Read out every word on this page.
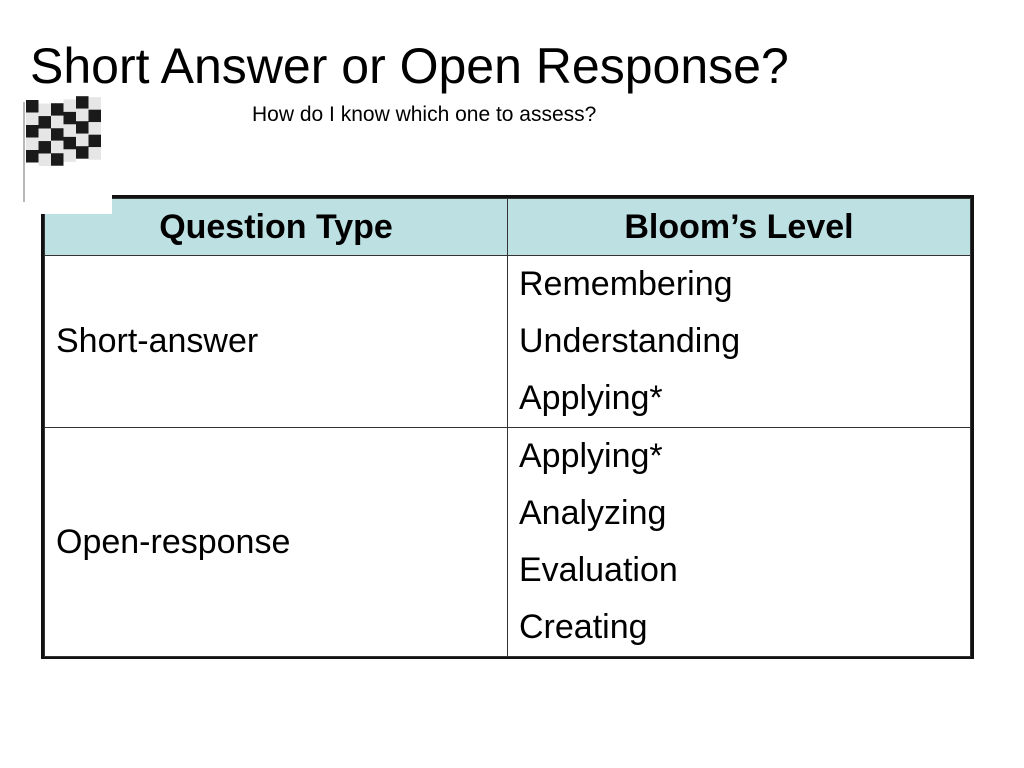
Short Answer or Open Response?
How do I know which one to assess?
Question Type	Bloom’s Level
Short-answer	Remembering
Understanding
Applying*

Open-response	Applying*
Analyzing
Evaluation
Creating
